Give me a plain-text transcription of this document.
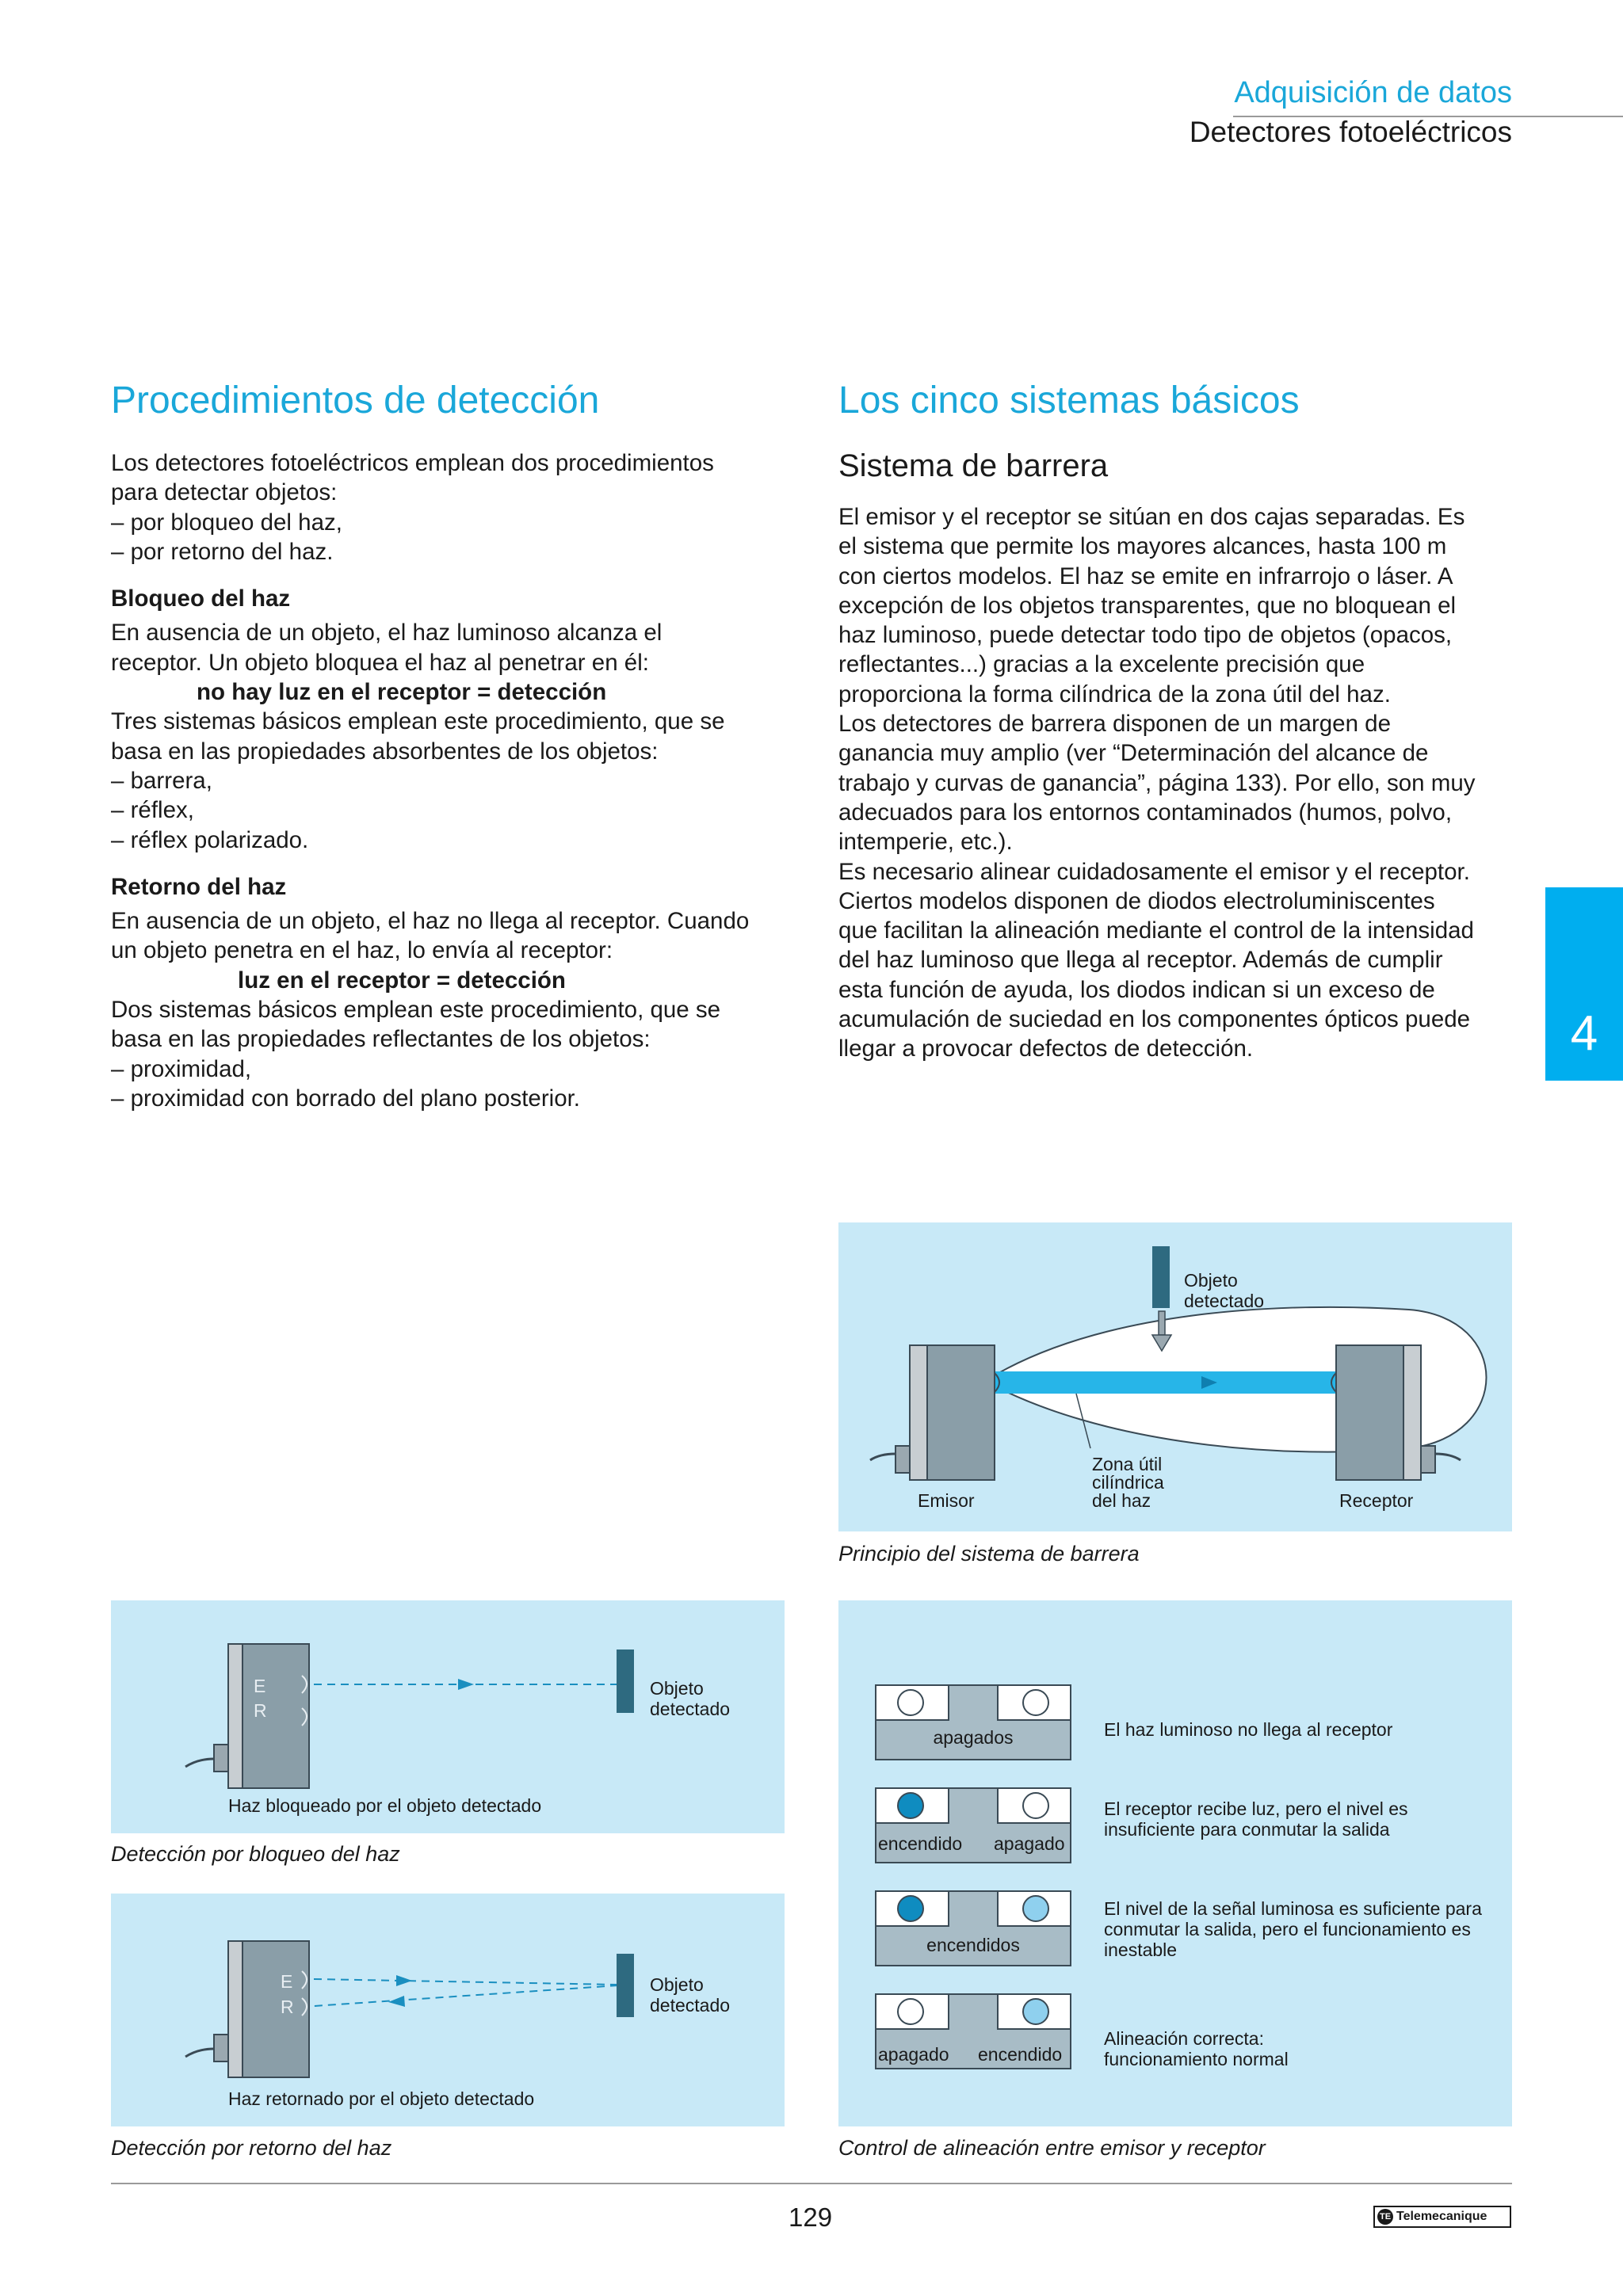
Adquisición de datos
Detectores fotoeléctricos
Procedimientos de detección

Los detectores fotoeléctricos emplean dos procedimientos

para detectar objetos:

– por bloqueo del haz,

– por retorno del haz.

Bloqueo del haz

En ausencia de un objeto, el haz luminoso alcanza el

receptor. Un objeto bloquea el haz al penetrar en él:

no hay luz en el receptor = detección

Tres sistemas básicos emplean este procedimiento, que se

basa en las propiedades absorbentes de los objetos:

– barrera,

– réflex,

– réflex polarizado.

Retorno del haz

En ausencia de un objeto, el haz no llega al receptor. Cuando

un objeto penetra en el haz, lo envía al receptor:

luz en el receptor = detección

Dos sistemas básicos emplean este procedimiento, que se

basa en las propiedades reflectantes de los objetos:

– proximidad,

– proximidad con borrado del plano posterior.

Los cinco sistemas básicos
Sistema de barrera

El emisor y el receptor se sitúan en dos cajas separadas. Es

el sistema que permite los mayores alcances, hasta 100 m

con ciertos modelos. El haz se emite en infrarrojo o láser. A

excepción de los objetos transparentes, que no bloquean el

haz luminoso, puede detectar todo tipo de objetos (opacos,

reflectantes...) gracias a la excelente precisión que

proporciona la forma cilíndrica de la zona útil del haz.

Los detectores de barrera disponen de un margen de

ganancia muy amplio (ver “Determinación del alcance de

trabajo y curvas de ganancia”, página 133). Por ello, son muy

adecuados para los entornos contaminados (humos, polvo,

intemperie, etc.).

Es necesario alinear cuidadosamente el emisor y el receptor.

Ciertos modelos disponen de diodos electroluminiscentes

que facilitan la alineación mediante el control de la intensidad

del haz luminoso que llega al receptor. Además de cumplir

esta función de ayuda, los diodos indican si un exceso de

acumulación de suciedad en los componentes ópticos puede

llegar a provocar defectos de detección.	4
Objeto
detectado
Zona útil
cilíndrica
del haz
Emisor	Receptor
Principio del sistema de barrera
E
R
Objeto
detectado
Haz bloqueado por el objeto detectado
Detección por bloqueo del haz
E
R
Objeto
detectado
Haz retornado por el objeto detectado
Detección por retorno del haz
apagados	El haz luminoso no llega al receptor
encendido apagado
El receptor recibe luz, pero el nivel es
insuficiente para conmutar la salida
encendidos
El nivel de la señal luminosa es suficiente para
conmutar la salida, pero el funcionamiento es
inestable
apagado encendido
Alineación correcta:
funcionamiento normal
Control de alineación entre emisor y receptor
129	TE Telemecanique
